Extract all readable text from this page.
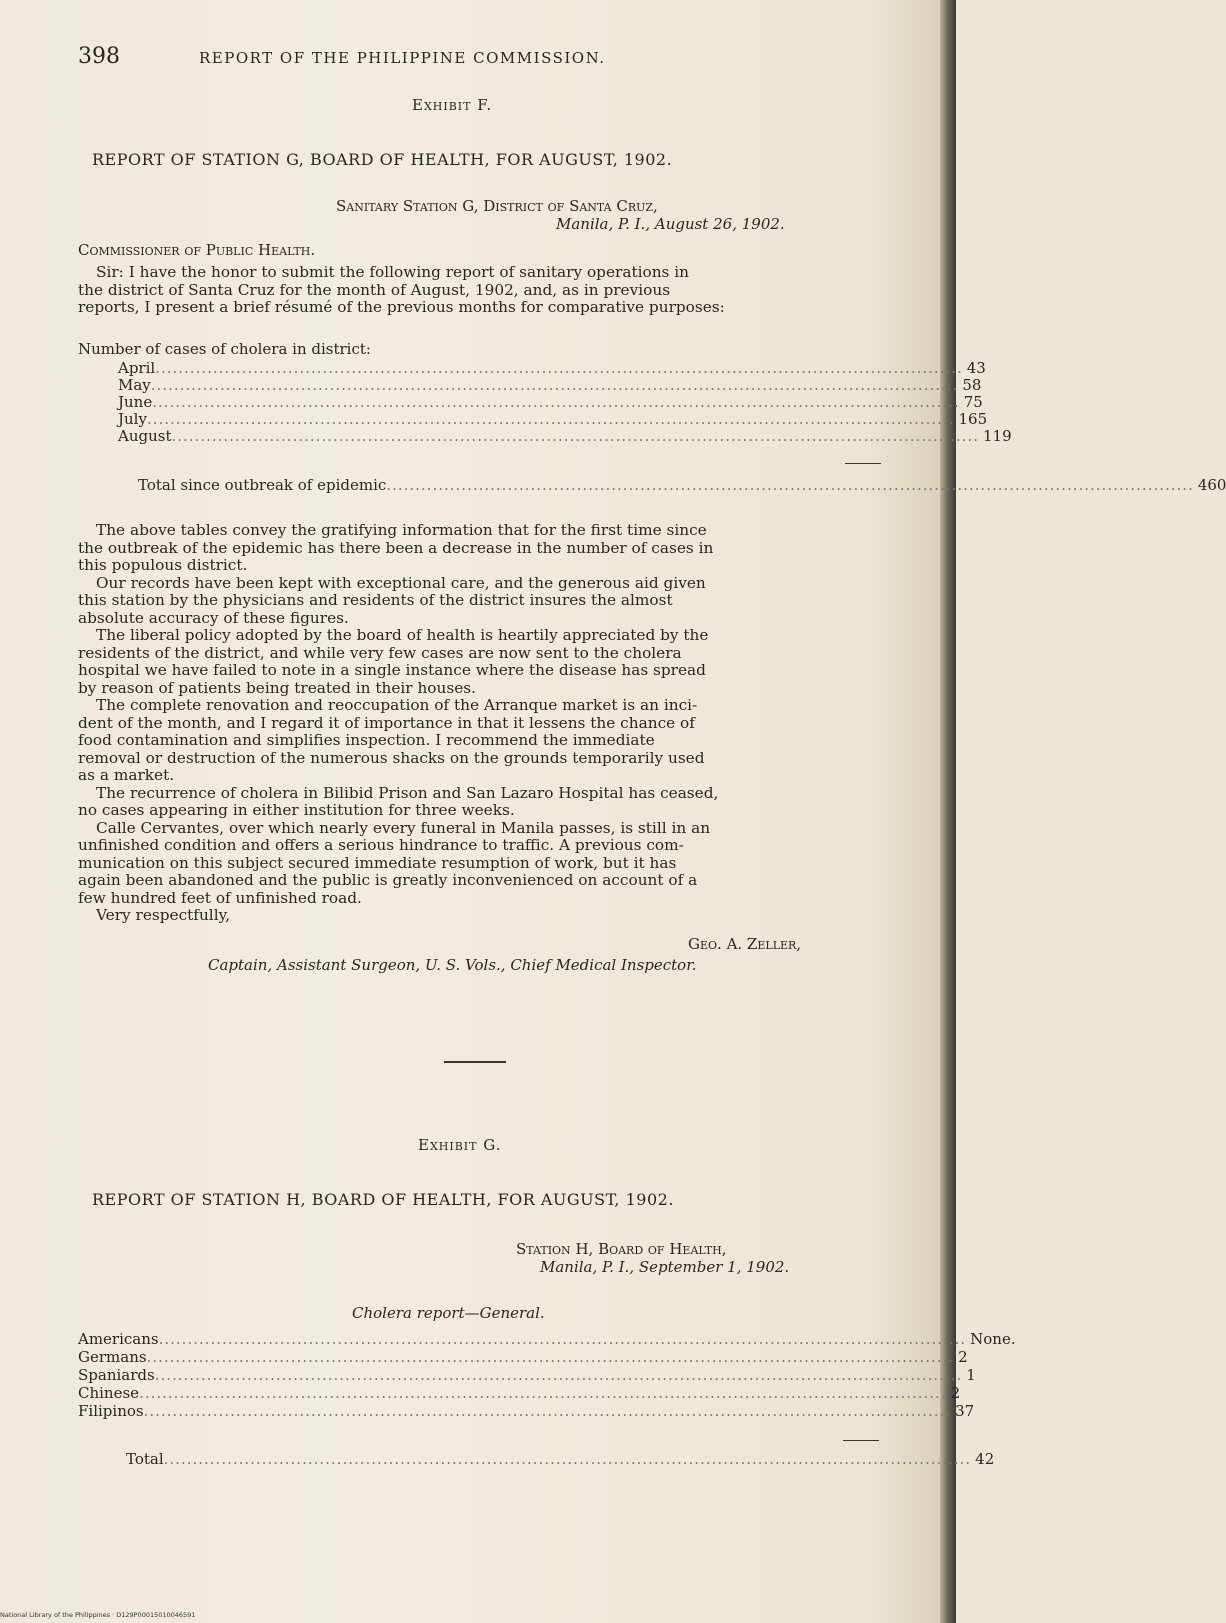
398	REPORT OF THE PHILIPPINE COMMISSION.
Exhibit F.
REPORT OF STATION G, BOARD OF HEALTH, FOR AUGUST, 1902.
Sanitary Station G, District of Santa Cruz,
Manila, P. I., August 26, 1902.
Commissioner of Public Health.

Sir: I have the honor to submit the following report of sanitary operations in

the district of Santa Cruz for the month of August, 1902, and, as in previous

reports, I present a brief résumé of the previous months for comparative purposes:

Number of cases of cholera in district:
April ............................................................................................................................................ 43
May ............................................................................................................................................ 58
June ............................................................................................................................................ 75
July ............................................................................................................................................ 165
August ............................................................................................................................................ 119
Total since outbreak of epidemic ............................................................................................................................................ 460

The above tables convey the gratifying information that for the first time since

the outbreak of the epidemic has there been a decrease in the number of cases in

this populous district.

Our records have been kept with exceptional care, and the generous aid given

this station by the physicians and residents of the district insures the almost

absolute accuracy of these figures.

The liberal policy adopted by the board of health is heartily appreciated by the

residents of the district, and while very few cases are now sent to the cholera

hospital we have failed to note in a single instance where the disease has spread

by reason of patients being treated in their houses.

The complete renovation and reoccupation of the Arranque market is an inci-

dent of the month, and I regard it of importance in that it lessens the chance of

food contamination and simplifies inspection. I recommend the immediate

removal or destruction of the numerous shacks on the grounds temporarily used

as a market.

The recurrence of cholera in Bilibid Prison and San Lazaro Hospital has ceased,

no cases appearing in either institution for three weeks.

Calle Cervantes, over which nearly every funeral in Manila passes, is still in an

unfinished condition and offers a serious hindrance to traffic. A previous com-

munication on this subject secured immediate resumption of work, but it has

again been abandoned and the public is greatly inconvenienced on account of a

few hundred feet of unfinished road.

Very respectfully,

Geo. A. Zeller,
Captain, Assistant Surgeon, U. S. Vols., Chief Medical Inspector.
Exhibit G.
REPORT OF STATION H, BOARD OF HEALTH, FOR AUGUST, 1902.
Station H, Board of Health,
Manila, P. I., September 1, 1902.
Cholera report—General.
Americans ............................................................................................................................................ None.
Germans ............................................................................................................................................ 2
Spaniards ............................................................................................................................................ 1
Chinese ............................................................................................................................................ 2
Filipinos ............................................................................................................................................ 37
Total ............................................................................................................................................ 42
National Library of the Philippines · D129P00015010046591
